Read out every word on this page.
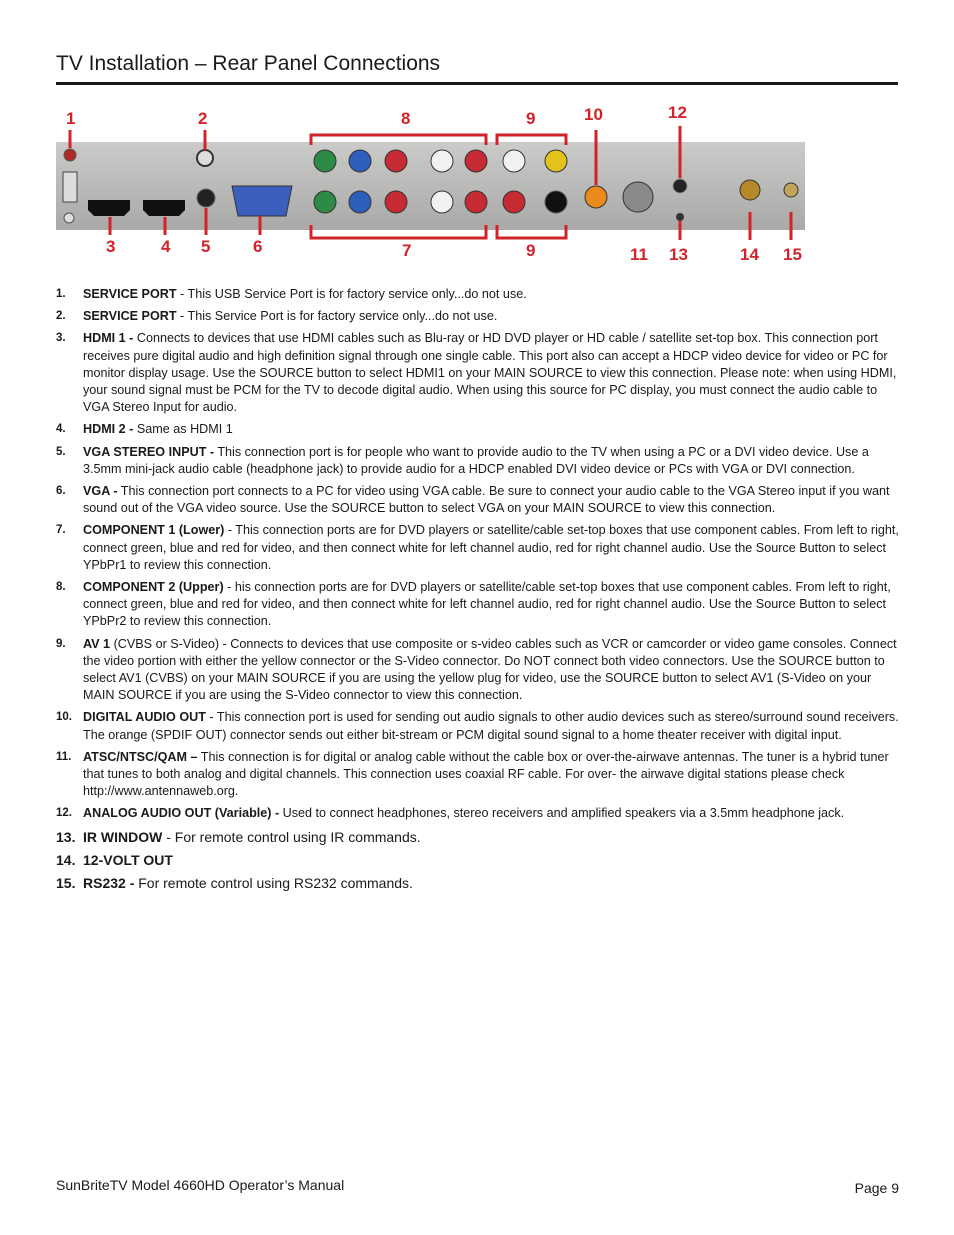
TV Installation – Rear Panel Connections
1	2
3	4 5	6	7
8	9
9
10
11
12
13	14 15
1.	SERVICE PORT - This USB Service Port is for factory service only...do not use.
2.	SERVICE PORT - This Service Port is for factory service only...do not use.
3.	HDMI 1 - Connects to devices that use HDMI cables such as Blu-ray or HD DVD player or HD cable / satellite set-top box. This connection port receives pure digital audio and high definition signal through one single cable. This port also can accept a HDCP video device for video or PC for monitor display usage. Use the SOURCE button to select HDMI1 on your MAIN SOURCE to view this connection. Please note: when using HDMI, your sound signal must be PCM for the TV to decode digital audio. When using this source for PC display, you must connect the audio cable to VGA Stereo Input for audio.
4.	HDMI 2 - Same as HDMI 1
5.	VGA STEREO INPUT - This connection port is for people who want to provide audio to the TV when using a PC or a DVI video device. Use a 3.5mm mini-jack audio cable (headphone jack) to provide audio for a HDCP enabled DVI video device or PCs with VGA or DVI connection.
6.	VGA - This connection port connects to a PC for video using VGA cable. Be sure to connect your audio cable to the VGA Stereo input if you want sound out of the VGA video source. Use the SOURCE button to select VGA on your MAIN SOURCE to view this connection.
7.	COMPONENT 1 (Lower) - This connection ports are for DVD players or satellite/cable set-top boxes that use component cables. From left to right, connect green, blue and red for video, and then connect white for left channel audio, red for right channel audio. Use the Source Button to select YPbPr1 to review this connection.
8.	COMPONENT 2 (Upper) - his connection ports are for DVD players or satellite/cable set-top boxes that use component cables. From left to right, connect green, blue and red for video, and then connect white for left channel audio, red for right channel audio. Use the Source Button to select YPbPr2 to review this connection.
9.	AV 1 (CVBS or S-Video) - Connects to devices that use composite or s-video cables such as VCR or camcorder or video game consoles. Connect the video portion with either the yellow connector or the S-Video connector. Do NOT connect both video connectors. Use the SOURCE button to select AV1 (CVBS) on your MAIN SOURCE if you are using the yellow plug for video, use the SOURCE button to select AV1 (S-Video on your MAIN SOURCE if you are using the S-Video connector to view this connection.
10. DIGITAL AUDIO OUT - This connection port is used for sending out audio signals to other audio devices such as stereo/surround sound receivers. The orange (SPDIF OUT) connector sends out either bit-stream or PCM digital sound signal to a home theater receiver with digital input.
11. ATSC/NTSC/QAM – This connection is for digital or analog cable without the cable box or over-the-airwave antennas. The tuner is a hybrid tuner that tunes to both analog and digital channels. This connection uses coaxial RF cable. For over- the airwave digital stations please check http://www.antennaweb.org.
12. ANALOG AUDIO OUT (Variable) - Used to connect headphones, stereo receivers and amplified speakers via a 3.5mm headphone jack.
13. IR WINDOW - For remote control using IR commands.
14. 12-VOLT OUT
15. RS232 - For remote control using RS232 commands.
SunBriteTV Model 4660HD Operator’s Manual	Page 9
